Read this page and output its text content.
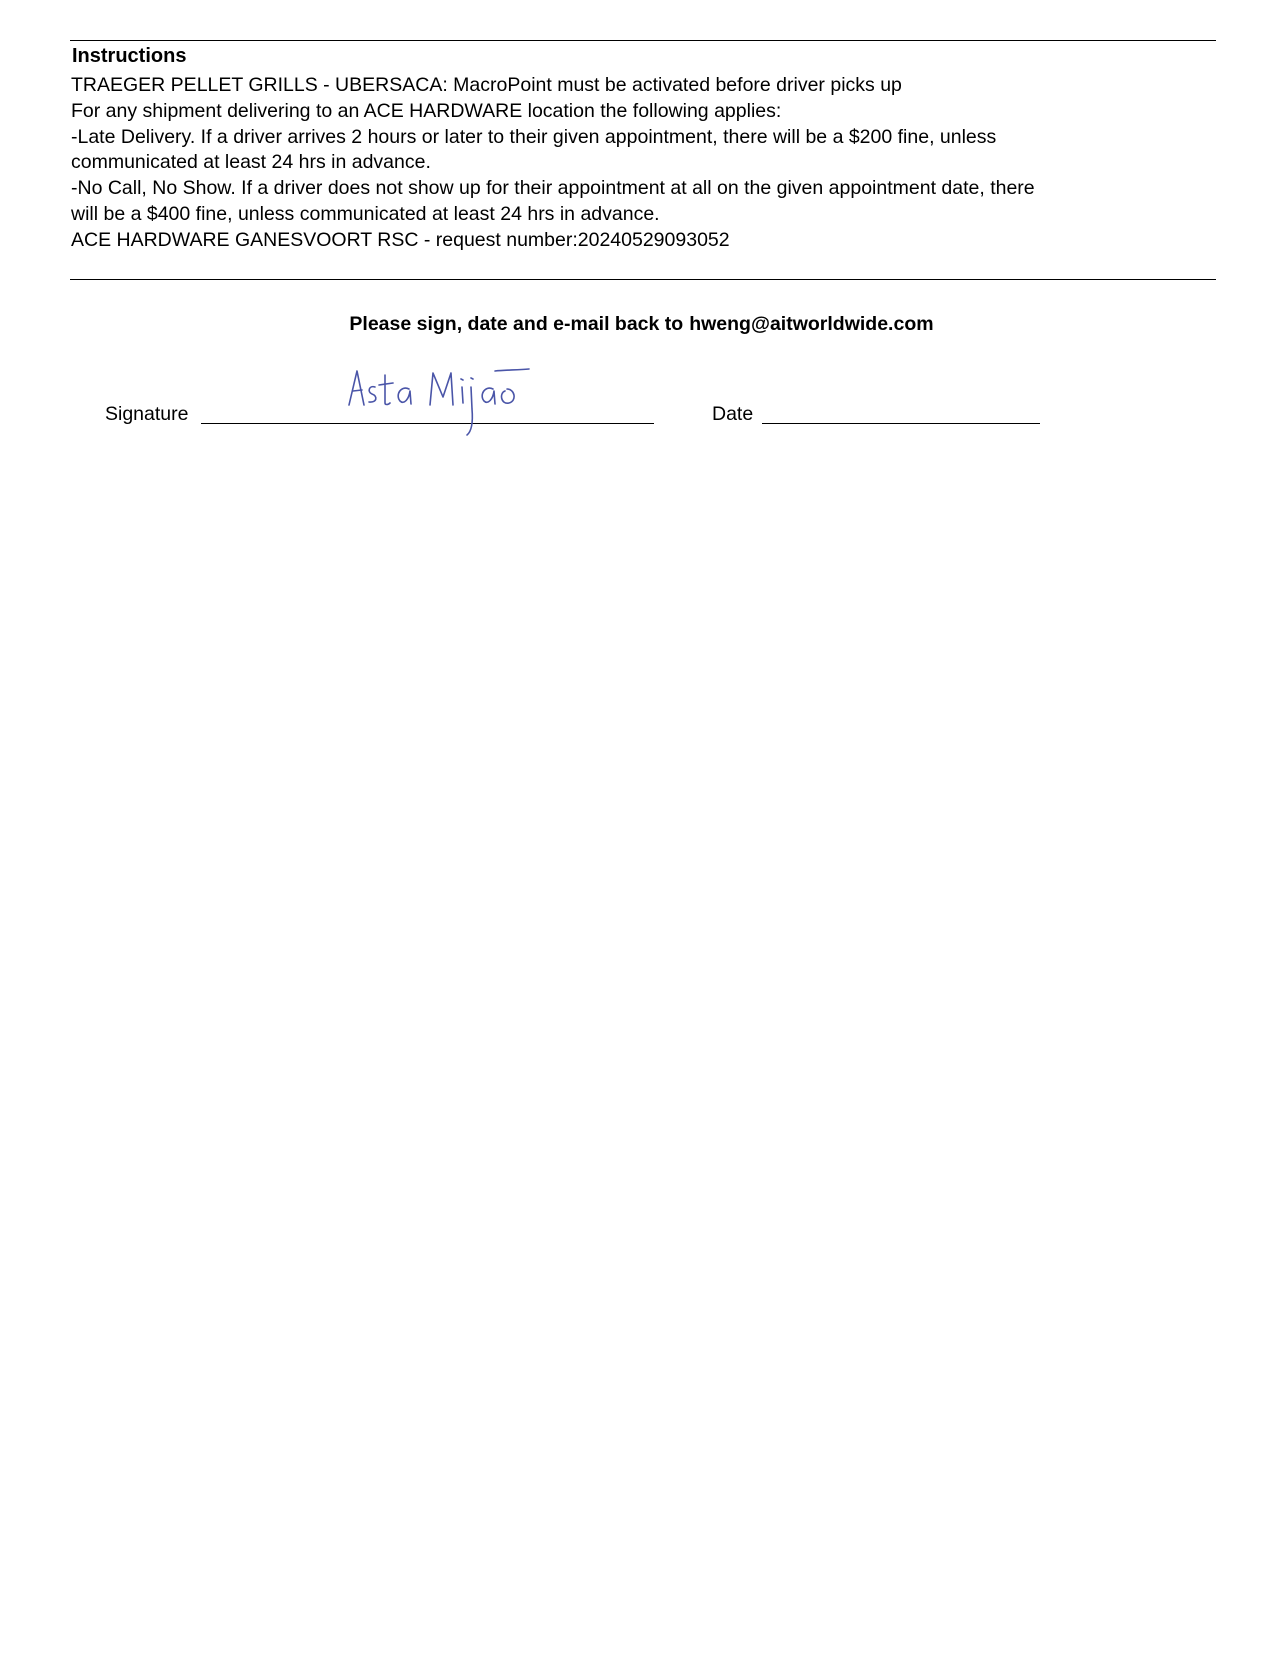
Instructions
TRAEGER PELLET GRILLS - UBERSACA: MacroPoint must be activated before driver picks up
For any shipment delivering to an ACE HARDWARE location the following applies:
-Late Delivery. If a driver arrives 2 hours or later to their given appointment, there will be a $200 fine, unless
communicated at least 24 hrs in advance.
-No Call, No Show. If a driver does not show up for their appointment at all on the given appointment date, there
will be a $400 fine, unless communicated at least 24 hrs in advance.
ACE HARDWARE GANESVOORT RSC - request number:20240529093052
Please sign, date and e-mail back to hweng@aitworldwide.com
Signature	Date
